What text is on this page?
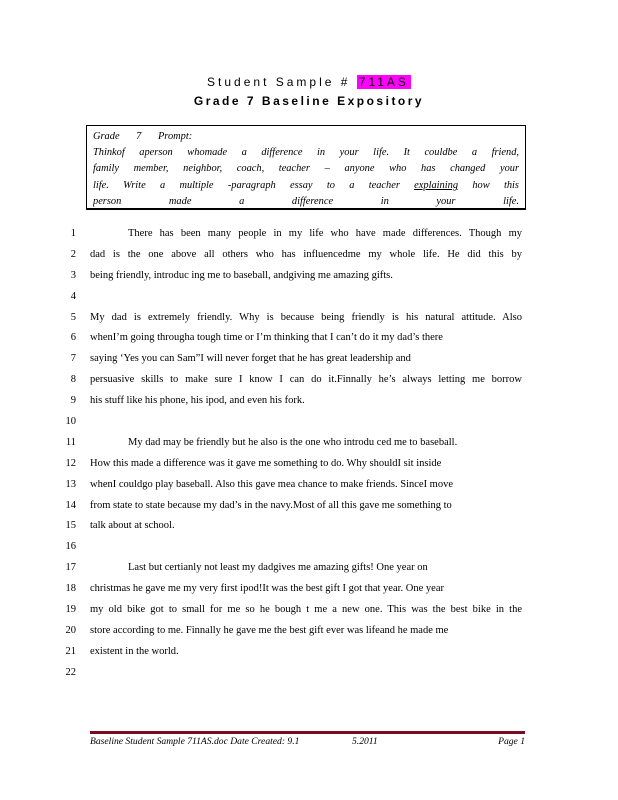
Student Sample # 711AS
Grade 7 Baseline Expository
Grade 7 Prompt:
Thinkof aperson whomade a difference in your life. It couldbe a friend,
family member, neighbor, coach, teacher – anyone who has changed your
life. Write a multiple -paragraph essay to a teacher explaining how this
person made a difference in your life.
1
2
3
4
5
6
7
8
9
10
11
12
13
14
15
16
17
18
19
20
21
22
There has been many people in my life who have made differences. Though my
dad is the one above all others who has influencedme my whole life. He did this by
being friendly, introduc ing me to baseball, andgiving me amazing gifts.
My dad is extremely friendly. Why is because being friendly is his natural attitude. Also
whenI’m going througha tough time or I’m thinking that I can’t do it my dad’s there
saying ‘Yes you can Sam”I will never forget that he has great leadership and
persuasive skills to make sure I know I can do it.Finnally he’s always letting me borrow
his stuff like his phone, his ipod, and even his fork.
My dad may be friendly but he also is the one who introdu ced me to baseball.
How this made a difference was it gave me something to do. Why shouldI sit inside
whenI couldgo play baseball. Also this gave mea chance to make friends. SinceI move
from state to state because my dad’s in the navy.Most of all this gave me something to
talk about at school.
Last but certianly not least my dadgives me amazing gifts! One year on
christmas he gave me my very first ipod!It was the best gift I got that year. One year
my old bike got to small for me so he bough t me a new one. This was the best bike in the
store according to me. Finnally he gave me the best gift ever was lifeand he made me
existent in the world.
Baseline Student Sample 711AS.doc Date Created: 9.1	5.2011	Page 1
